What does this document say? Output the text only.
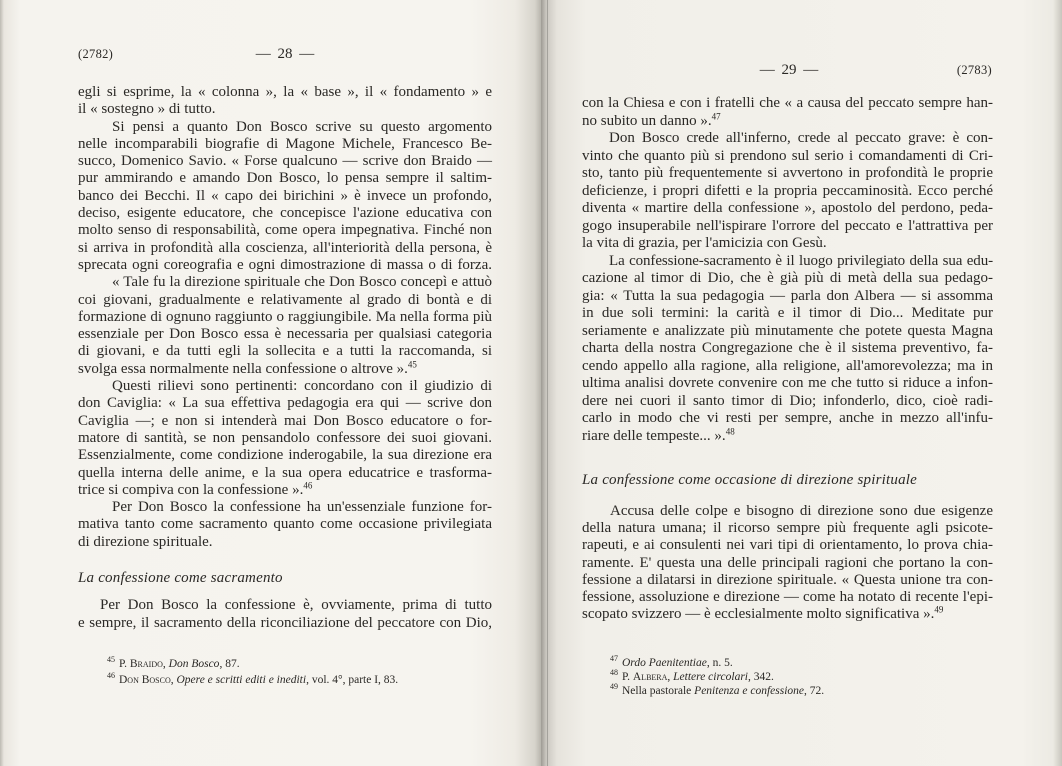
(2782)	— 28 —
egli si esprime, la « colonna », la « base », il « fondamento » e
il « sostegno » di tutto.
Si pensi a quanto Don Bosco scrive su questo argomento
nelle incomparabili biografie di Magone Michele, Francesco Be-
succo, Domenico Savio. « Forse qualcuno — scrive don Braido —
pur ammirando e amando Don Bosco, lo pensa sempre il saltim-
banco dei Becchi. Il « capo dei birichini » è invece un profondo,
deciso, esigente educatore, che concepisce l'azione educativa con
molto senso di responsabilità, come opera impegnativa. Finché non
si arriva in profondità alla coscienza, all'interiorità della persona, è
sprecata ogni coreografia e ogni dimostrazione di massa o di forza.
« Tale fu la direzione spirituale che Don Bosco concepì e attuò
coi giovani, gradualmente e relativamente al grado di bontà e di
formazione di ognuno raggiunto o raggiungibile. Ma nella forma più
essenziale per Don Bosco essa è necessaria per qualsiasi categoria
di giovani, e da tutti egli la sollecita e a tutti la raccomanda, si
svolga essa normalmente nella confessione o altrove ».$^{45}$
Questi rilievi sono pertinenti: concordano con il giudizio di
don Caviglia: « La sua effettiva pedagogia era qui — scrive don
Caviglia —; e non si intenderà mai Don Bosco educatore o for-
matore di santità, se non pensandolo confessore dei suoi giovani.
Essenzialmente, come condizione inderogabile, la sua direzione era
quella interna delle anime, e la sua opera educatrice e trasforma-
trice si compiva con la confessione ».$^{46}$
Per Don Bosco la confessione ha un'essenziale funzione for-
mativa tanto come sacramento quanto come occasione privilegiata
di direzione spirituale.
La confessione come sacramento
Per Don Bosco la confessione è, ovviamente, prima di tutto
e sempre, il sacramento della riconciliazione del peccatore con Dio,
$^{45}$ P. Braido, Don Bosco, 87.
$^{46}$ Don Bosco, Opere e scritti editi e inediti, vol. 4°, parte I, 83.
— 29 —	(2783)
con la Chiesa e con i fratelli che « a causa del peccato sempre han-
no subito un danno ».$^{47}$
Don Bosco crede all'inferno, crede al peccato grave: è con-
vinto che quanto più si prendono sul serio i comandamenti di Cri-
sto, tanto più frequentemente si avvertono in profondità le proprie
deficienze, i propri difetti e la propria peccaminosità. Ecco perché
diventa « martire della confessione », apostolo del perdono, peda-
gogo insuperabile nell'ispirare l'orrore del peccato e l'attrattiva per
la vita di grazia, per l'amicizia con Gesù.
La confessione-sacramento è il luogo privilegiato della sua edu-
cazione al timor di Dio, che è già più di metà della sua pedago-
gia: « Tutta la sua pedagogia — parla don Albera — si assomma
in due soli termini: la carità e il timor di Dio... Meditate pur
seriamente e analizzate più minutamente che potete questa Magna
charta della nostra Congregazione che è il sistema preventivo, fa-
cendo appello alla ragione, alla religione, all'amorevolezza; ma in
ultima analisi dovrete convenire con me che tutto si riduce a infon-
dere nei cuori il santo timor di Dio; infonderlo, dico, cioè radi-
carlo in modo che vi resti per sempre, anche in mezzo all'infu-
riare delle tempeste... ».$^{48}$
La confessione come occasione di direzione spirituale
Accusa delle colpe e bisogno di direzione sono due esigenze
della natura umana; il ricorso sempre più frequente agli psicote-
rapeuti, e ai consulenti nei vari tipi di orientamento, lo prova chia-
ramente. E' questa una delle principali ragioni che portano la con-
fessione a dilatarsi in direzione spirituale. « Questa unione tra con-
fessione, assoluzione e direzione — come ha notato di recente l'epi-
scopato svizzero — è ecclesialmente molto significativa ».$^{49}$
$^{47}$ Ordo Paenitentiae, n. 5.
$^{48}$ P. Albera, Lettere circolari, 342.
$^{49}$ Nella pastorale Penitenza e confessione, 72.
